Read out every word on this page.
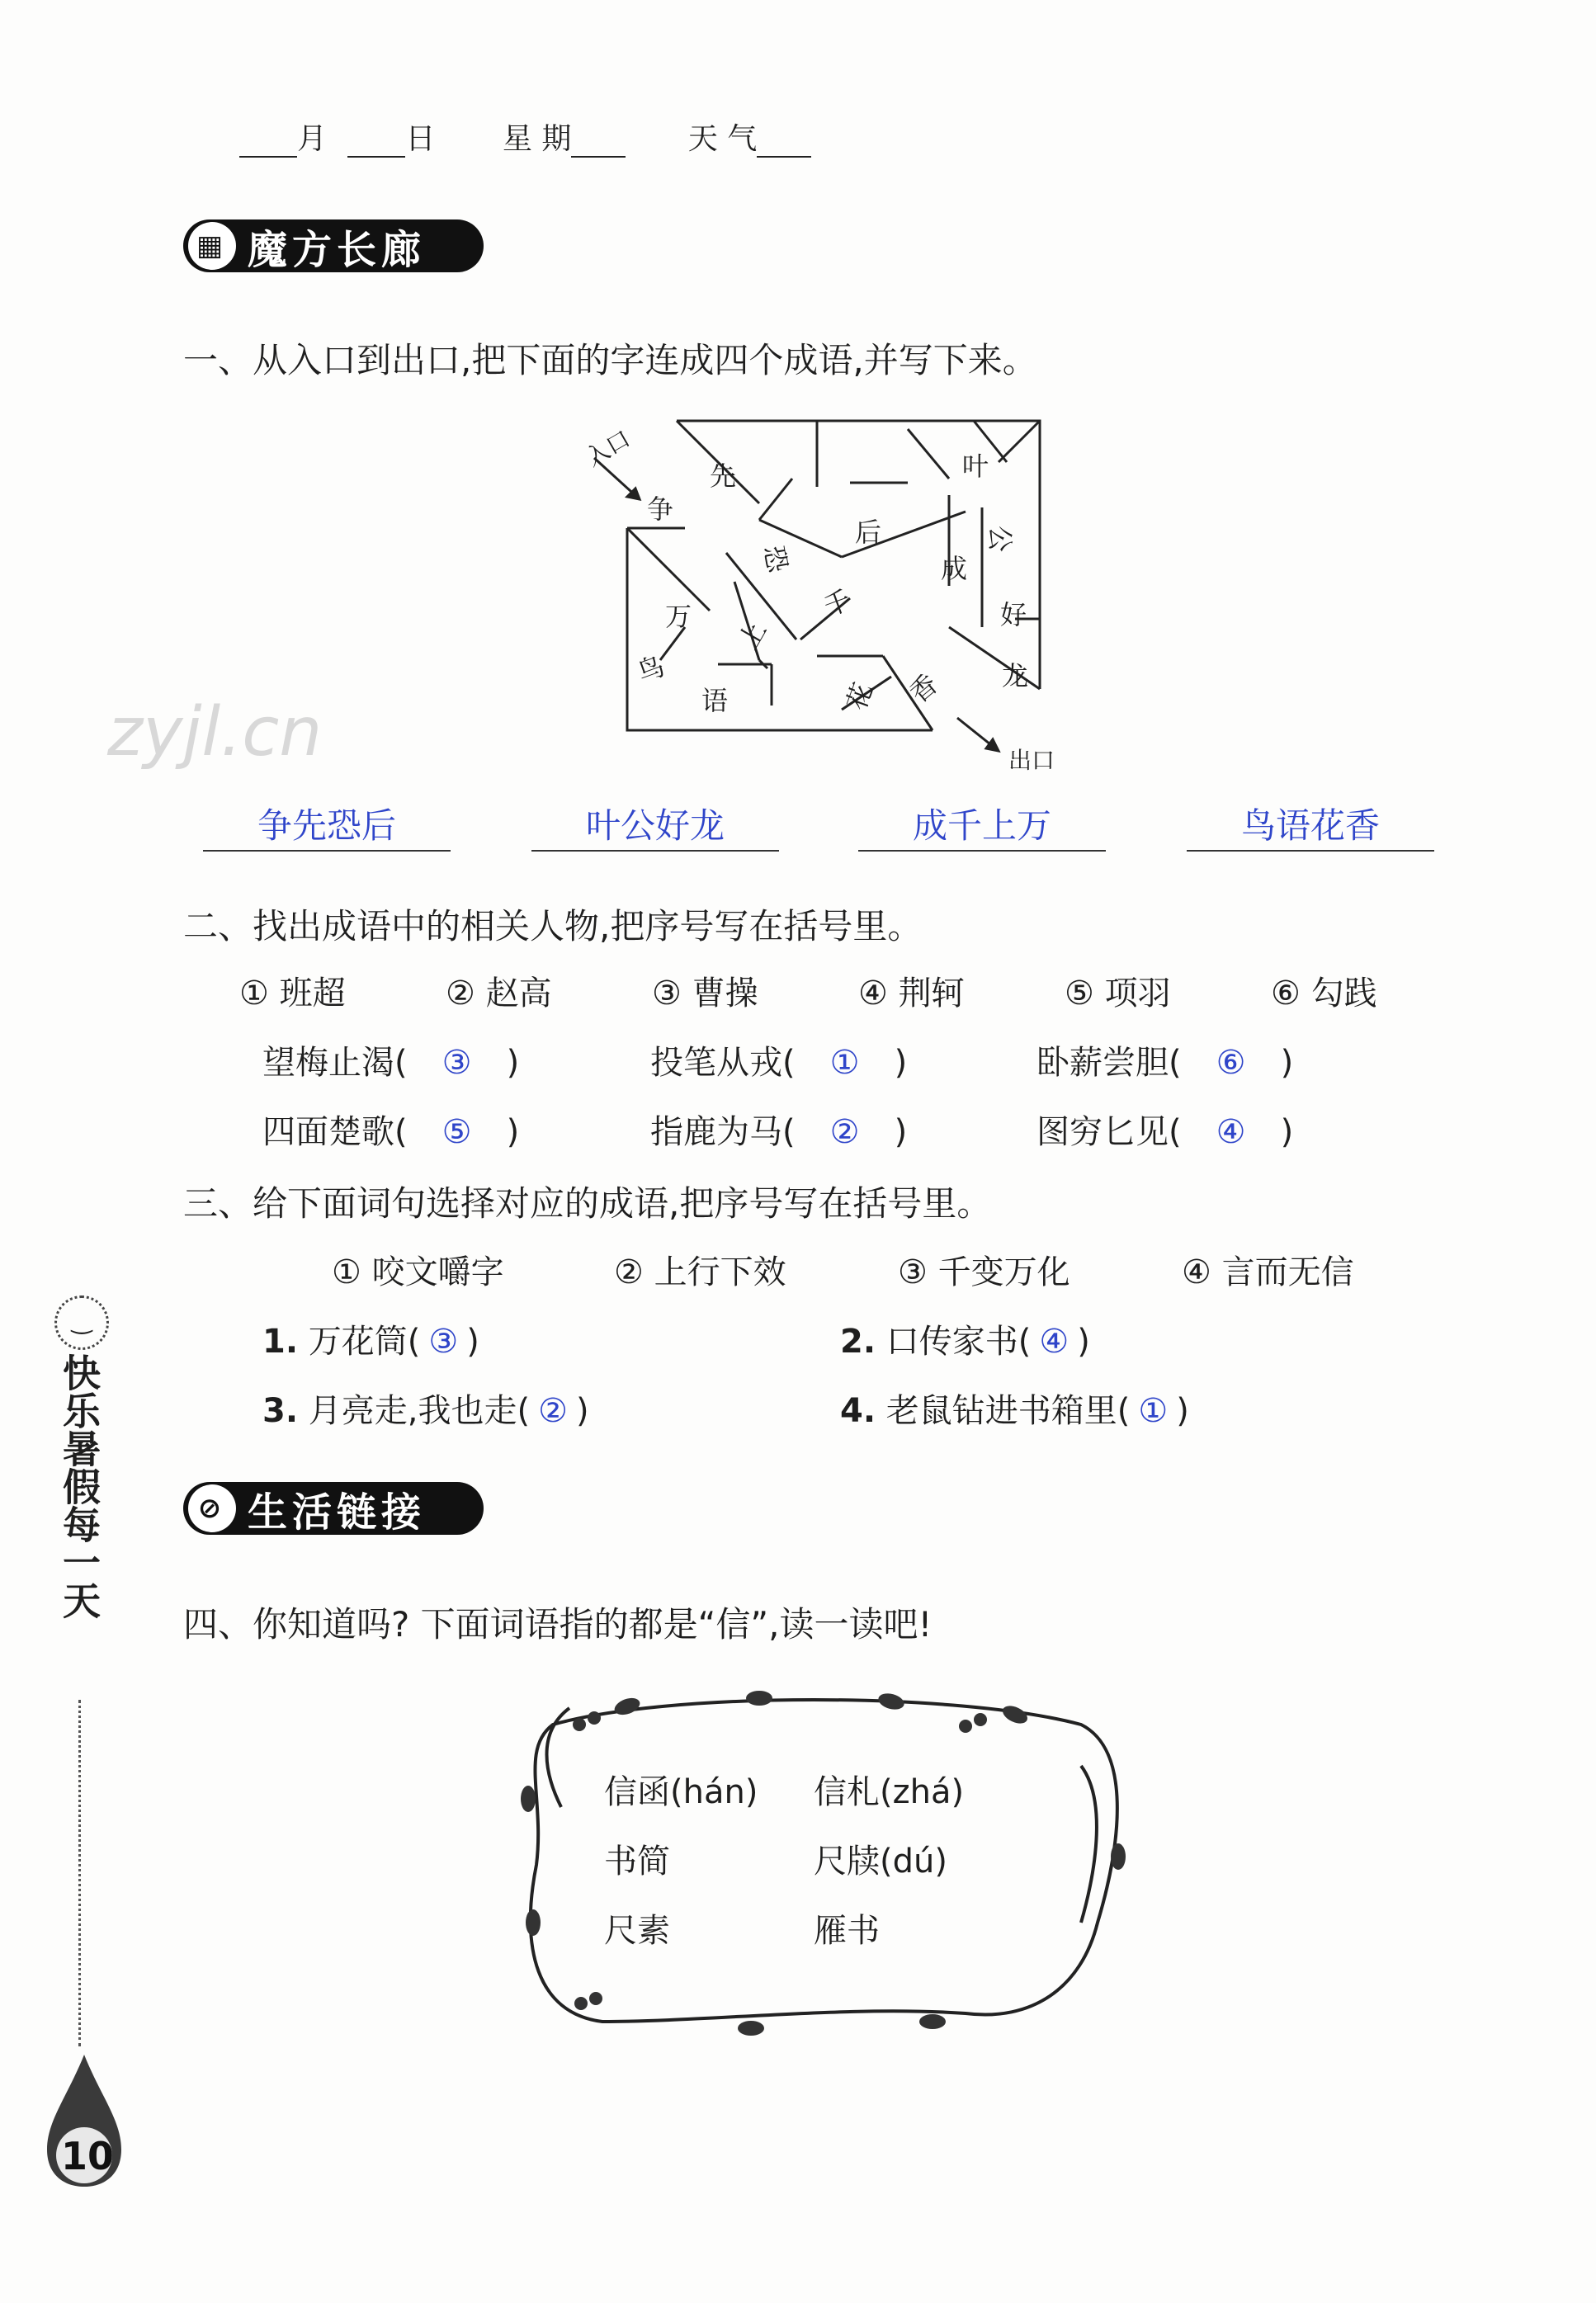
月	日 星 期	天 气
▦ 魔方长廊
一、从入口到出口,把下面的字连成四个成语,并写下来。
入口
出口
争
先
恐
后
叶
公
好
龙
成
千
上
万
鸟
语	花 香
zyjl.cn
争先恐后	叶公好龙	成千上万	鸟语花香
二、找出成语中的相关人物,把序号写在括号里。
① 班超	② 赵高	③ 曹操	④ 荆轲	⑤ 项羽	⑥ 勾践
望梅止渴( ③ )	投笔从戎( ① )	卧薪尝胆( ⑥ )
四面楚歌( ⑤ )	指鹿为马( ② )	图穷匕见( ④ )
三、给下面词句选择对应的成语,把序号写在括号里。
① 咬文嚼字	② 上行下效	③ 千变万化	④ 言而无信
1. 万花筒( ③ )	2. 口传家书( ④ )
3. 月亮走,我也走( ② )	4. 老鼠钻进书箱里( ① )
⊘ 生活链接
四、你知道吗? 下面词语指的都是“信”,读一读吧!
信函(hán) 信札(zhá)
书简	尺牍(dú)
尺素	雁书
‿
快乐暑假每一天
10
